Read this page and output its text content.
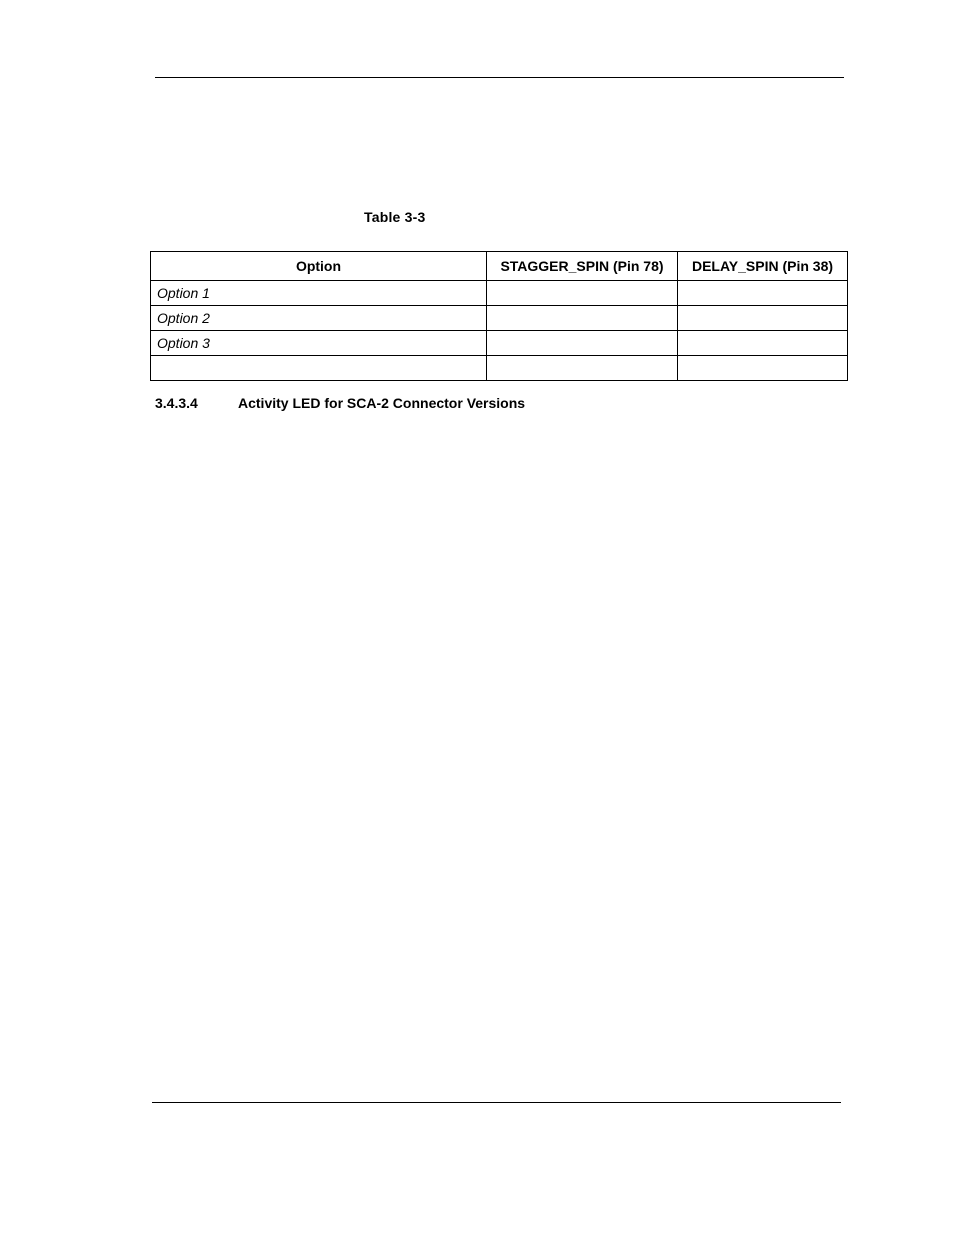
Table 3-3
Option	STAGGER_SPIN (Pin 78)	DELAY_SPIN (Pin 38)
Option 1		
Option 2		
Option 3		

3.4.3.4	Activity LED for SCA-2 Connector Versions
